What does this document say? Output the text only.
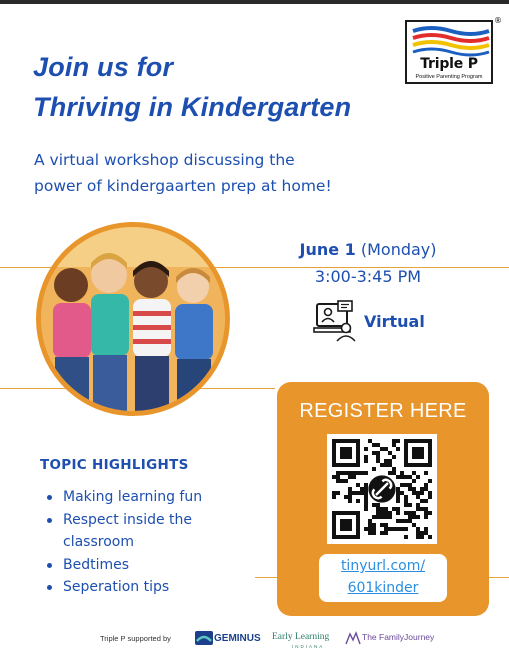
Triple P
Positive Parenting Program
®
Join us for
Thriving in Kindergarten
A virtual workshop discussing the
power of kindergaarten prep at home!
June 1 (Monday)
3:00-3:45 PM
Virtual
REGISTER HERE
tinyurl.com/
601kinder
TOPIC HIGHLIGHTS
Making learning fun
Respect inside the
classroom
Bedtimes
Seperation tips
Triple P supported by	GEMINUS Early Learning
INDIANA
The FamilyJourney
